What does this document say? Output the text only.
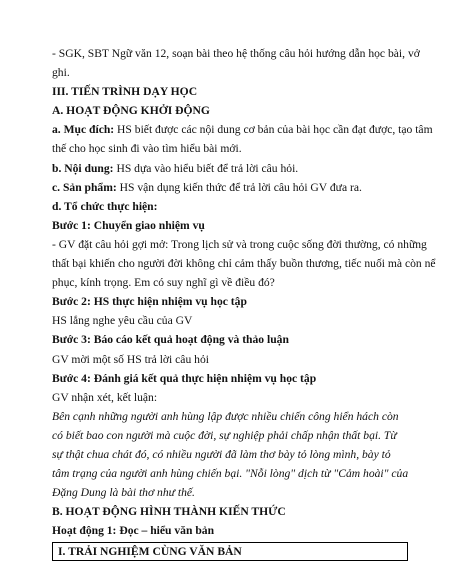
- SGK, SBT Ngữ văn 12, soạn bài theo hệ thống câu hỏi hướng dẫn học bài, vở
ghi.
III. TIẾN TRÌNH DẠY HỌC
A. HOẠT ĐỘNG KHỞI ĐỘNG
a. Mục đích: HS biết được các nội dung cơ bản của bài học cần đạt được, tạo tâm
thế cho học sinh đi vào tìm hiểu bài mới.
b. Nội dung: HS dựa vào hiểu biết để trả lời câu hỏi.
c. Sản phẩm: HS vận dụng kiến thức để trả lời câu hỏi GV đưa ra.
d. Tổ chức thực hiện:
Bước 1: Chuyển giao nhiệm vụ
- GV đặt câu hỏi gợi mở: Trong lịch sử và trong cuộc sống đời thường, có những
thất bại khiến cho người đời không chỉ cảm thấy buồn thương, tiếc nuối mà còn nể
phục, kính trọng. Em có suy nghĩ gì về điều đó?
Bước 2: HS thực hiện nhiệm vụ học tập
HS lắng nghe yêu cầu của GV
Bước 3: Báo cáo kết quả hoạt động và thảo luận
GV mời một số HS trả lời câu hỏi
Bước 4: Đánh giá kết quả thực hiện nhiệm vụ học tập
GV nhận xét, kết luận:
Bên cạnh những người anh hùng lập được nhiều chiến công hiển hách còn có biết bao con người mà cuộc đời, sự nghiệp phải chấp nhận thất bại. Từ sự thật chua chát đó, có nhiều người đã làm thơ bày tỏ lòng mình, bày tỏ tâm trạng của người anh hùng chiến bại. "Nỗi lòng" dịch từ "Cảm hoài" của Đặng Dung là bài thơ như thế.
B. HOẠT ĐỘNG HÌNH THÀNH KIẾN THỨC
Hoạt động 1: Đọc – hiểu văn bản
I. TRẢI NGHIỆM CÙNG VĂN BẢN
